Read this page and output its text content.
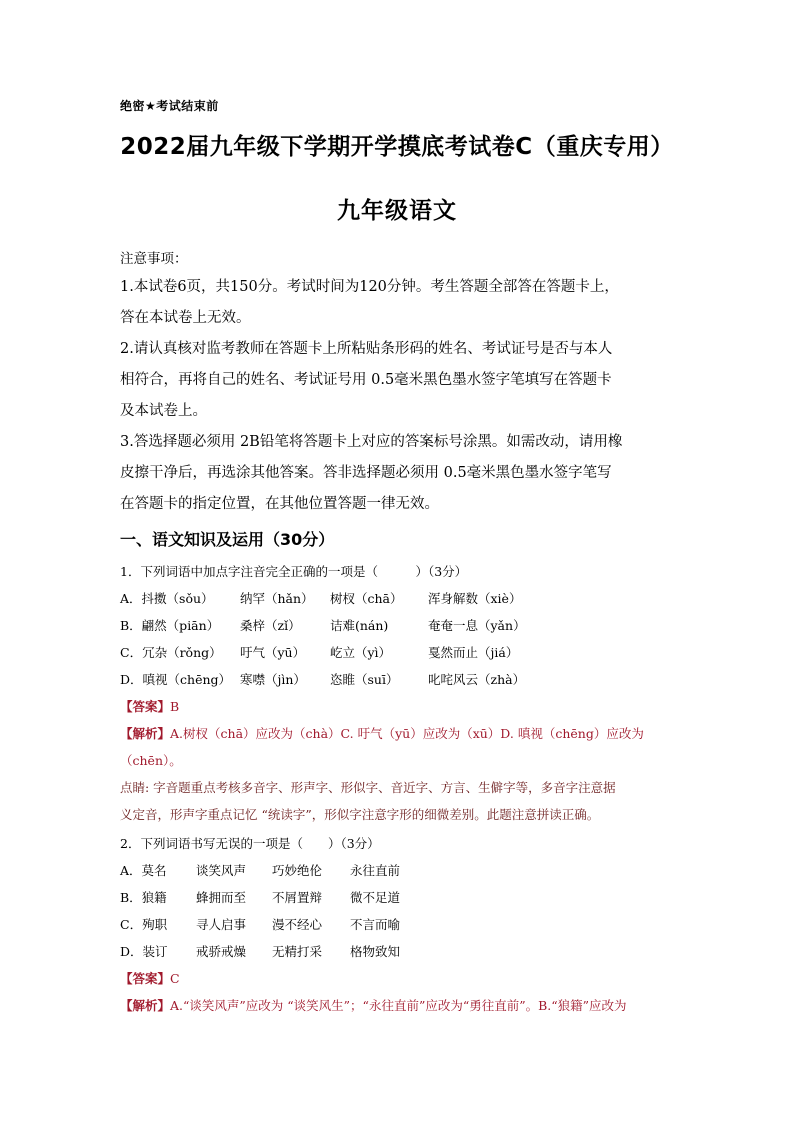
绝密★考试结束前
2022届九年级下学期开学摸底考试卷C（重庆专用）
九年级语文
注意事项：
1.本试卷6页，共150分。考试时间为120分钟。考生答题全部答在答题卡上，
答在本试卷上无效。
2.请认真核对监考教师在答题卡上所粘贴条形码的姓名、考试证号是否与本人
相符合，再将自己的姓名、考试证号用 0.5毫米黑色墨水签字笔填写在答题卡
及本试卷上。
3.答选择题必须用 2B铅笔将答题卡上对应的答案标号涂黑。如需改动，请用橡
皮擦干净后，再选涂其他答案。答非选择题必须用 0.5毫米黑色墨水签字笔写
在答题卡的指定位置，在其他位置答题一律无效。
一、语文知识及运用（30分）
1．下列词语中加点字注音完全正确的一项是（　　　）（3分）
A．抖擞（sǒu） 纳罕（hǎn） 树杈（chā） 浑身解数（xiè）
B．翩然（piān） 桑梓（zǐ） 诘难(nán)	奄奄一息（yǎn）
C．冗杂（rǒng） 吁气（yū） 屹立（yì）	戛然而止（jiá）
D．嗔视（chēng） 寒噤（jìn） 恣睢（suī） 叱咤风云（zhà）
【答案】B
【解析】A.树杈（chā）应改为（chà）C. 吁气（yū）应改为（xū）D. 嗔视（chēng）应改为
（chēn）。
点睛: 字音题重点考核多音字、形声字、形似字、音近字、方言、生僻字等，多音字注意据
义定音，形声字重点记忆 “统读字”，形似字注意字形的细微差别。此题注意拼读正确。
2．下列词语书写无误的一项是（　　）（3分）
A．莫名 谈笑风声 巧妙绝伦 永往直前
B．狼籍 蜂拥而至 不屑置辩 微不足道
C．殉职 寻人启事 漫不经心 不言而喻
D．装订 戒骄戒燥 无精打采 格物致知
【答案】C
【解析】A.“谈笑风声”应改为 “谈笑风生”；“永往直前”应改为“勇往直前”。B.“狼籍”应改为
